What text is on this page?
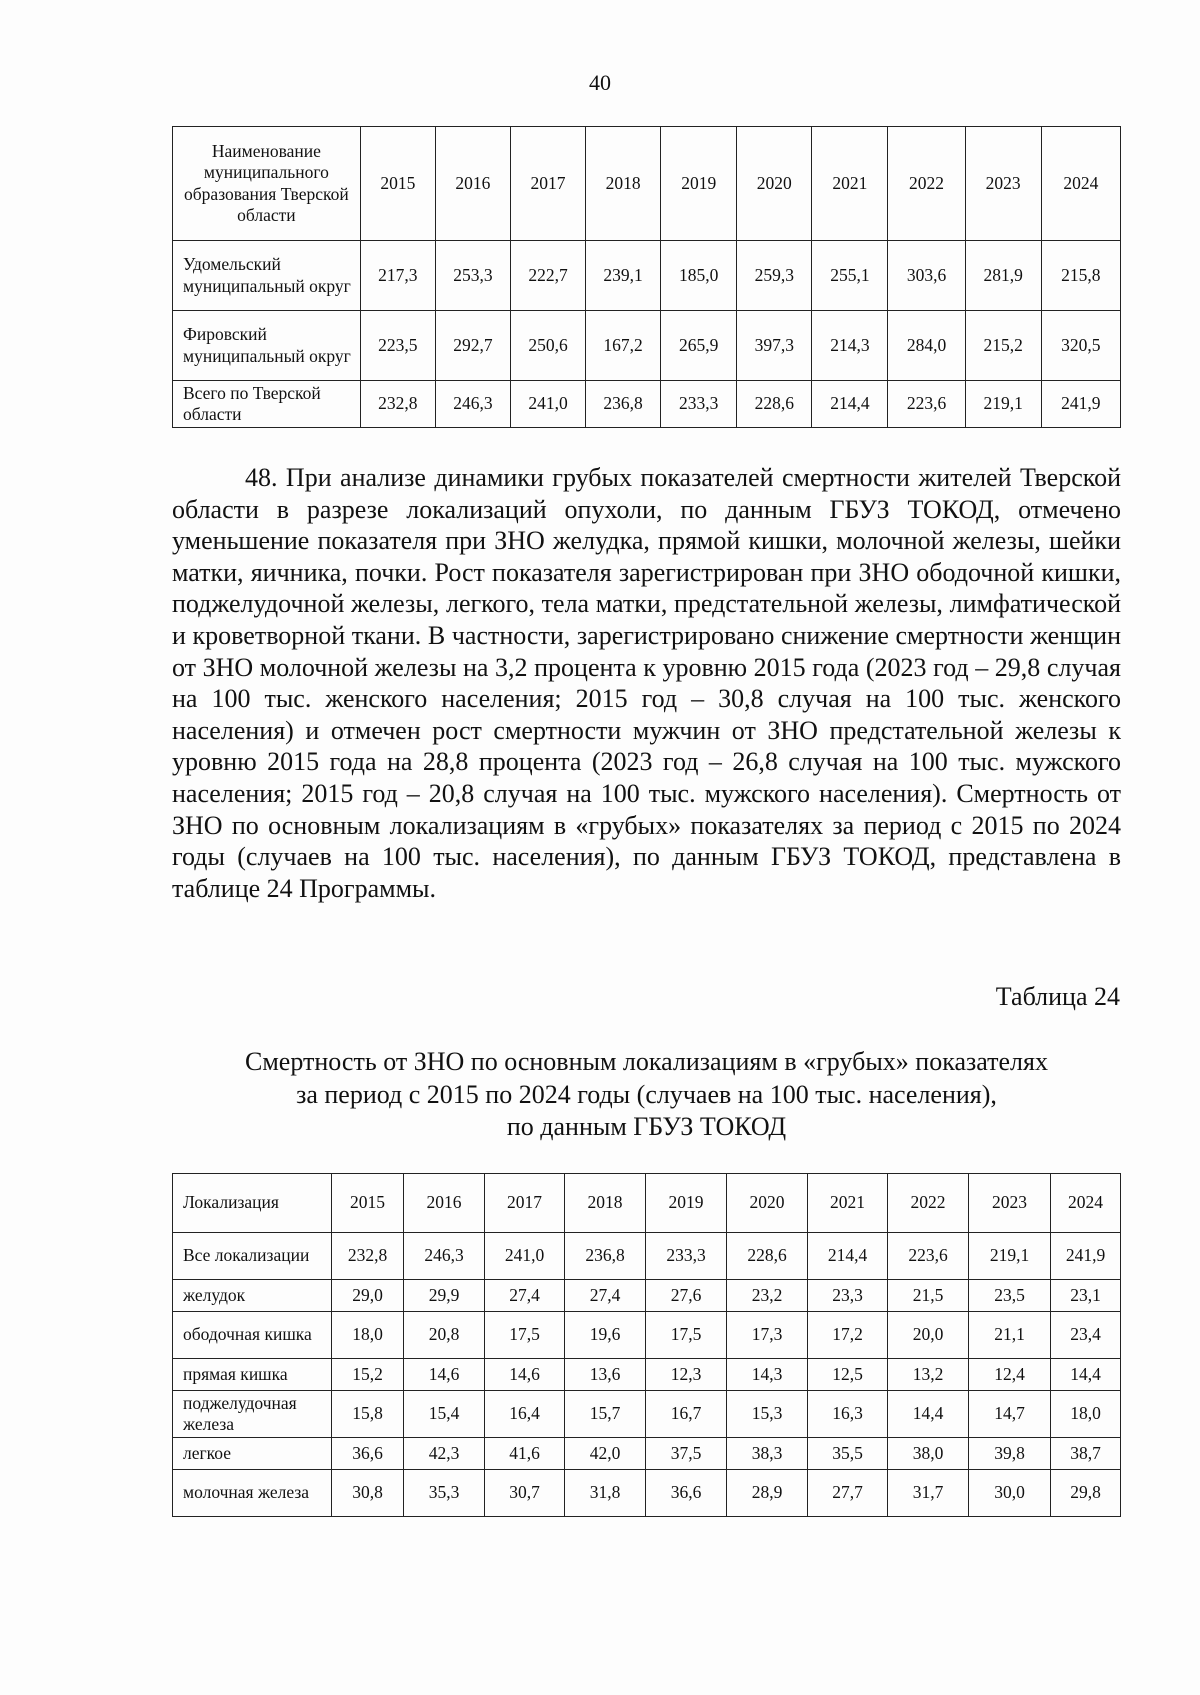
40
Наименование муниципального образования Тверской области	2015	2016	2017	2018	2019	2020	2021	2022	2023	2024
Удомельский муниципальный округ	217,3	253,3	222,7	239,1	185,0	259,3	255,1	303,6	281,9	215,8
Фировский муниципальный округ	223,5	292,7	250,6	167,2	265,9	397,3	214,3	284,0	215,2	320,5
Всего по Тверской области	232,8	246,3	241,0	236,8	233,3	228,6	214,4	223,6	219,1	241,9

48. При анализе динамики грубых показателей смертности жителей Тверской области в разрезе локализаций опухоли, по данным ГБУЗ ТОКОД, отмечено уменьшение показателя при ЗНО желудка, прямой кишки, молочной железы, шейки матки, яичника, почки. Рост показателя зарегистрирован при ЗНО ободочной кишки, поджелудочной железы, легкого, тела матки, предстательной железы, лимфатической и кроветворной ткани. В частности, зарегистрировано снижение смертности женщин от ЗНО молочной железы на 3,2 процента к уровню 2015 года (2023 год – 29,8 случая на 100 тыс. женского населения; 2015 год – 30,8 случая на 100 тыс. женского населения) и отмечен рост смертности мужчин от ЗНО предстательной железы к уровню 2015 года на 28,8 процента (2023 год – 26,8 случая на 100 тыс. мужского населения; 2015 год – 20,8 случая на 100 тыс. мужского населения). Смертность от ЗНО по основным локализациям в «грубых» показателях за период с 2015 по 2024 годы (случаев на 100 тыс. населения), по данным ГБУЗ ТОКОД, представлена в таблице 24 Программы.

Таблица 24
Смертность от ЗНО по основным локализациям в «грубых» показателях
за период с 2015 по 2024 годы (случаев на 100 тыс. населения),
по данным ГБУЗ ТОКОД
Локализация	2015	2016	2017	2018	2019	2020	2021	2022	2023	2024
Все локализации	232,8	246,3	241,0	236,8	233,3	228,6	214,4	223,6	219,1	241,9
желудок	29,0	29,9	27,4	27,4	27,6	23,2	23,3	21,5	23,5	23,1
ободочная кишка	18,0	20,8	17,5	19,6	17,5	17,3	17,2	20,0	21,1	23,4
прямая кишка	15,2	14,6	14,6	13,6	12,3	14,3	12,5	13,2	12,4	14,4
поджелудочная железа	15,8	15,4	16,4	15,7	16,7	15,3	16,3	14,4	14,7	18,0
легкое	36,6	42,3	41,6	42,0	37,5	38,3	35,5	38,0	39,8	38,7
молочная железа	30,8	35,3	30,7	31,8	36,6	28,9	27,7	31,7	30,0	29,8
